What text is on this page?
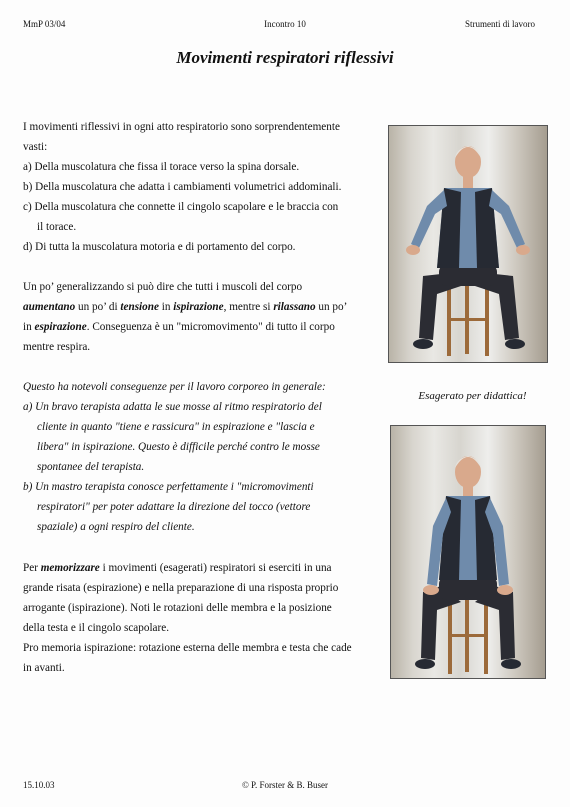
MmP 03/04	Incontro 10	Strumenti di lavoro
Movimenti respiratori riflessivi
I movimenti riflessivi in ogni atto respiratorio sono sorprendentemente
vasti:
a) Della muscolatura che fissa il torace verso la spina dorsale.
b) Della muscolatura che adatta i cambiamenti volumetrici addominali.
c) Della muscolatura che connette il cingolo scapolare e le braccia con
il torace.
d) Di tutta la muscolatura motoria e di portamento del corpo.
Un po’ generalizzando si può dire che tutti i muscoli del corpo
aumentano un po’ di tensione in ispirazione, mentre si rilassano un po’
in espirazione. Conseguenza è un "micromovimento" di tutto il corpo
mentre respira.
Questo ha notevoli conseguenze per il lavoro corporeo in generale:
a) Un bravo terapista adatta le sue mosse al ritmo respiratorio del
cliente in quanto "tiene e rassicura" in espirazione e "lascia e
libera" in ispirazione. Questo è difficile perché contro le mosse
spontanee del terapista.
b) Un mastro terapista conosce perfettamente i "micromovimenti
respiratori" per poter adattare la direzione del tocco (vettore
spaziale) a ogni respiro del cliente.
Per memorizzare i movimenti (esagerati) respiratori si eserciti in una
grande risata (espirazione) e nella preparazione di una risposta proprio
arrogante (ispirazione). Noti le rotazioni delle membra e la posizione
della testa e il cingolo scapolare.
Pro memoria ispirazione: rotazione esterna delle membra e testa che cade
in avanti.
Esagerato per didattica!
15.10.03	© P. Forster & B. Buser
